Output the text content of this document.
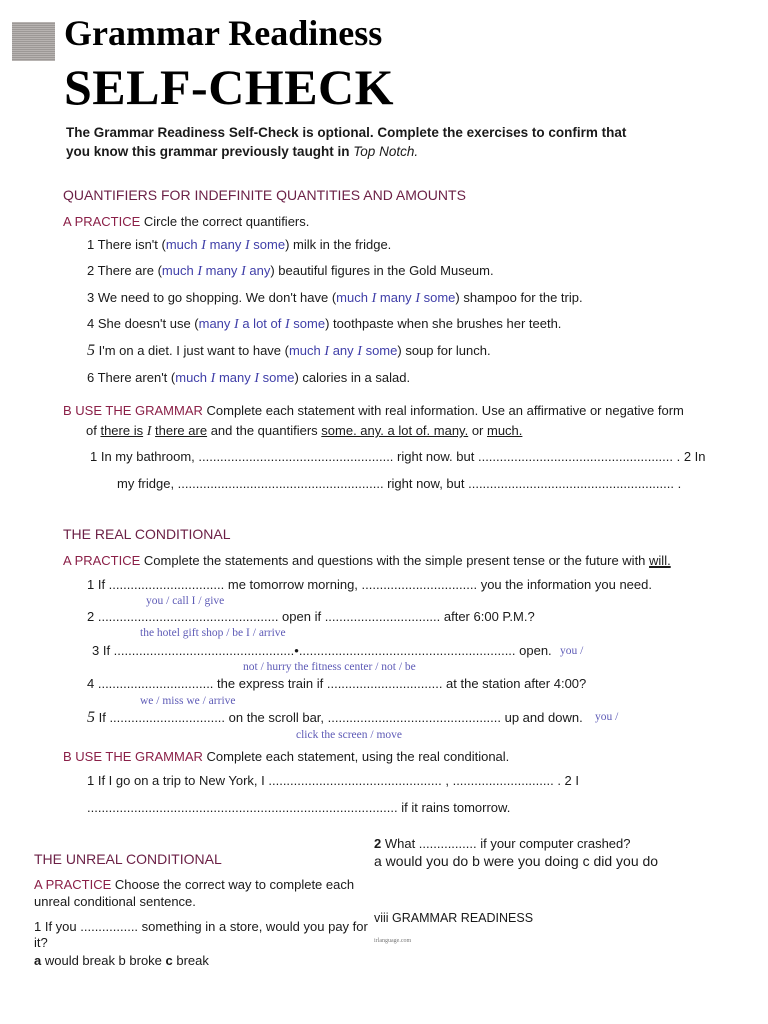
Grammar Readiness
SELF-CHECK
The Grammar Readiness Self-Check is optional. Complete the exercises to confirm that
you know this grammar previously taught in Top Notch.
QUANTIFIERS FOR INDEFINITE QUANTITIES AND AMOUNTS
A PRACTICE Circle the correct quantifiers.
1 There isn't (much I many I some) milk in the fridge.
2 There are (much I many I any) beautiful figures in the Gold Museum.
3 We need to go shopping. We don't have (much I many I some) shampoo for the trip.
4 She doesn't use (many I a lot of I some) toothpaste when she brushes her teeth.
5 I'm on a diet. I just want to have (much I any I some) soup for lunch.
6 There aren't (much I many I some) calories in a salad.
B USE THE GRAMMAR Complete each statement with real information. Use an affirmative or negative form
of there is I there are and the quantifiers some. any. a lot of. many. or much.
1 In my bathroom, ...................................................... right now. but ...................................................... . 2 In
my fridge, ......................................................... right now, but ......................................................... .
THE REAL CONDITIONAL
A PRACTICE Complete the statements and questions with the simple present tense or the future with will.
1 If ................................ me tomorrow morning, ................................ you the information you need.
you / call I / give
2 .................................................. open if ................................ after 6:00 P.M.?
the hotel gift shop / be I / arrive
3 If ..................................................•............................................................ open. you /
not / hurry the fitness center / not / be
4 ................................ the express train if ................................ at the station after 4:00?
we / miss we / arrive
5 If ................................ on the scroll bar, ................................................ up and down. you /
click the screen / move
B USE THE GRAMMAR Complete each statement, using the real conditional.
1 If I go on a trip to New York, I ................................................ , ............................ . 2 I
...................................................................................... if it rains tomorrow.
THE UNREAL CONDITIONAL
A PRACTICE Choose the correct way to complete each
unreal conditional sentence.
1 If you ................ something in a store, would you pay for
it?
a would break b broke c break
2 What ................ if your computer crashed?
a would you do b were you doing c did you do
viii GRAMMAR READINESS
irlanguage.com
